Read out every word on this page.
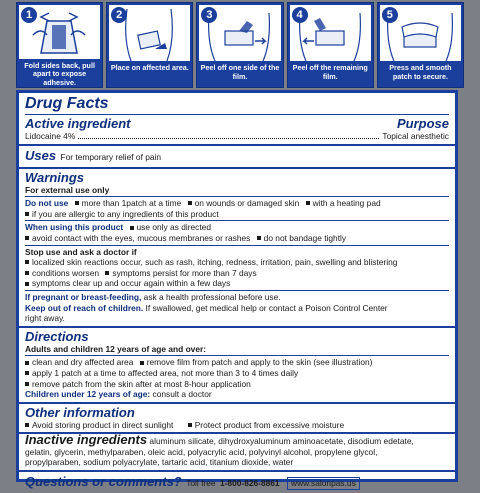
1
Fold sides back, pull apart to expose adhesive.
2
Place on affected area.
3
Peel off one side of the film.
4
Peel off the remaining film.
5
Press and smooth patch to secure.
Drug Facts
Active ingredient	Purpose
Lidocaine 4%	Topical anesthetic
Uses For temporary relief of pain
Warnings
For external use only
Do not use more than 1patch at a time on wounds or damaged skin with a heating pad
if you are allergic to any ingredients of this product
When using this product use only as directed
avoid contact with the eyes, mucous membranes or rashes do not bandage tightly
Stop use and ask a doctor if
localized skin reactions occur, such as rash, itching, redness, irritation, pain, swelling and blistering
conditions worsen symptoms persist for more than 7 days
symptoms clear up and occur again within a few days
If pregnant or breast-feeding, ask a health professional before use.
Keep out of reach of children. If swallowed, get medical help or contact a Poison Control Center
right away.
Directions
Adults and children 12 years of age and over:
clean and dry affected area remove film from patch and apply to the skin (see illustration)
apply 1 patch at a time to affected area, not more than 3 to 4 times daily
remove patch from the skin after at most 8-hour application
Children under 12 years of age: consult a doctor
Other information
Avoid storing product in direct sunlight	Protect product from excessive moisture
Inactive ingredients aluminum silicate, dihydroxyaluminum aminoacetate, disodium edetate,
gelatin, glycerin, methylparaben, oleic acid, polyacrylic acid, polyvinyl alcohol, propylene glycol,
propylparaben, sodium polyacrylate, tartaric acid, titanium dioxide, water
Questions or comments? Toll free 1-800-826-8861 www.salonpas.us
